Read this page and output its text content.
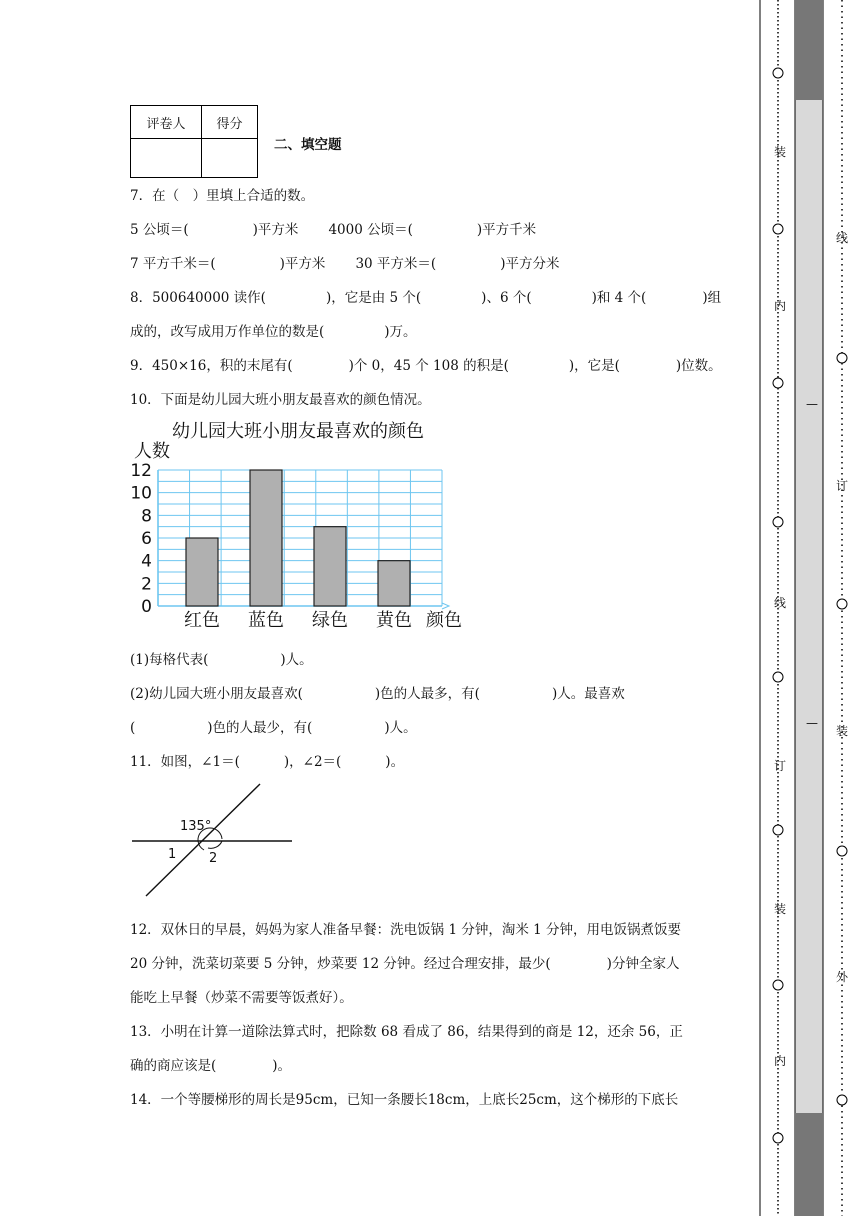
评卷人	得分

二、填空题
7．在（　）里填上合适的数。
5 公顷＝(	)平方米 4000 公顷＝(	)平方千米
7 平方千米＝(	)平方米 30 平方米＝(	)平方分米
8．500640000 读作(	)，它是由 5 个(	)、6 个(	)和 4 个(	)组
成的，改写成用万作单位的数是(	)万。
9．450×16，积的末尾有(	)个 0，45 个 108 的积是(	)，它是(	)位数。
10．下面是幼儿园大班小朋友最喜欢的颜色情况。
幼儿园大班小朋友最喜欢的颜色
人数
0
2
4
6
8
10
12
红色 蓝色 绿色 黄色 颜色
(1)每格代表(	)人。
(2)幼儿园大班小朋友最喜欢(	)色的人最多，有(	)人。最喜欢
(	)色的人最少，有(	)人。
11．如图，∠1＝(	)，∠2＝(	)。
135°
1	2
12．双休日的早晨，妈妈为家人准备早餐：洗电饭锅 1 分钟，淘米 1 分钟，用电饭锅煮饭要
20 分钟，洗菜切菜要 5 分钟，炒菜要 12 分钟。经过合理安排，最少(	)分钟全家人
能吃上早餐（炒菜不需要等饭煮好）。
13．小明在计算一道除法算式时，把除数 68 看成了 86，结果得到的商是 12，还余 56，正
确的商应该是(	)。
14．一个等腰梯形的周长是95cm，已知一条腰长18cm，上底长25cm，这个梯形的下底长
装
内
线
订
装
内
线
订
装
外
—
—
